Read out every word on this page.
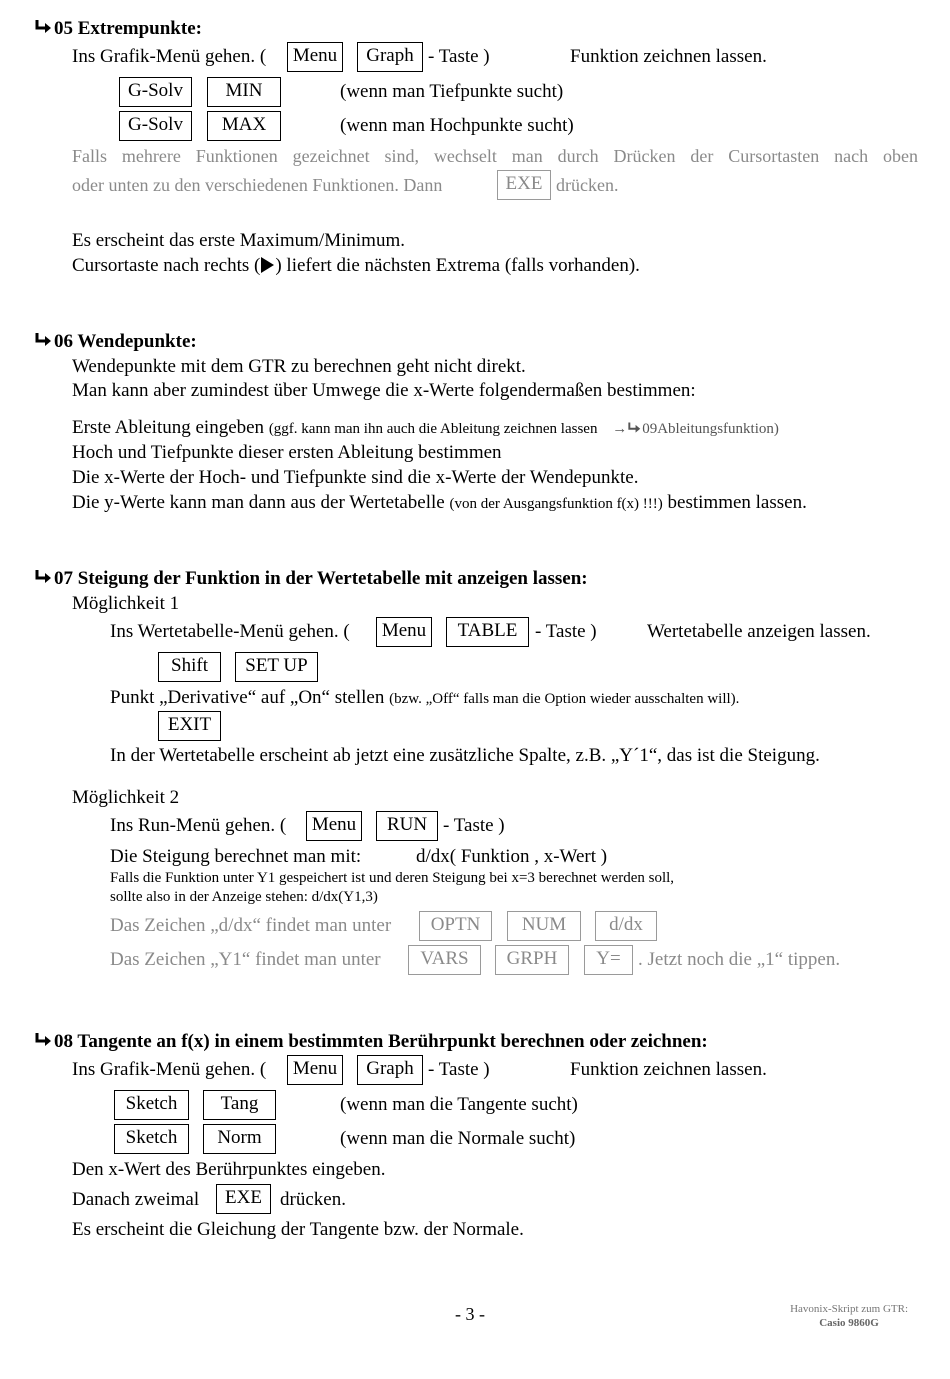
05 Extrempunkte:
Ins Grafik-Menü gehen. (	Menu	Graph - Taste )	Funktion zeichnen lassen.
G-Solv	MIN	(wenn man Tiefpunkte sucht)
G-Solv	MAX	(wenn man Hochpunkte sucht)
Falls mehrere Funktionen gezeichnet sind, wechselt man durch Drücken der Cursortasten nach oben
oder unten zu den verschiedenen Funktionen. Dann	EXE drücken.
Es erscheint das erste Maximum/Minimum.
Cursortaste nach rechts ( ) liefert die nächsten Extrema (falls vorhanden).
06 Wendepunkte:
Wendepunkte mit dem GTR zu berechnen geht nicht direkt.
Man kann aber zumindest über Umwege die x-Werte folgendermaßen bestimmen:
Erste Ableitung eingeben (ggf. kann man ihn auch die Ableitung zeichnen lassen → 09Ableitungsfunktion)
Hoch und Tiefpunkte dieser ersten Ableitung bestimmen
Die x-Werte der Hoch- und Tiefpunkte sind die x-Werte der Wendepunkte.
Die y-Werte kann man dann aus der Wertetabelle (von der Ausgangsfunktion f(x) !!!) bestimmen lassen.
07 Steigung der Funktion in der Wertetabelle mit anzeigen lassen:
Möglichkeit 1
Ins Wertetabelle-Menü gehen. (	Menu	TABLE - Taste )	Wertetabelle anzeigen lassen.
Shift	SET UP
Punkt „Derivative“ auf „On“ stellen (bzw. „Off“ falls man die Option wieder ausschalten will).
EXIT
In der Wertetabelle erscheint ab jetzt eine zusätzliche Spalte, z.B. „Y´1“, das ist die Steigung.
Möglichkeit 2
Ins Run-Menü gehen. (	Menu	RUN - Taste )
Die Steigung berechnet man mit:	d/dx( Funktion , x-Wert )
Falls die Funktion unter Y1 gespeichert ist und deren Steigung bei x=3 berechnet werden soll,
sollte also in der Anzeige stehen: d/dx(Y1,3)
Das Zeichen „d/dx“ findet man unter	OPTN	NUM	d/dx
Das Zeichen „Y1“ findet man unter	VARS	GRPH	Y= . Jetzt noch die „1“ tippen.
08 Tangente an f(x) in einem bestimmten Berührpunkt berechnen oder zeichnen:
Ins Grafik-Menü gehen. (	Menu	Graph - Taste )	Funktion zeichnen lassen.
Sketch	Tang	(wenn man die Tangente sucht)
Sketch	Norm	(wenn man die Normale sucht)
Den x-Wert des Berührpunktes eingeben.
Danach zweimal	EXE drücken.
Es erscheint die Gleichung der Tangente bzw. der Normale.
- 3 -	Havonix-Skript zum GTR:
Casio 9860G
